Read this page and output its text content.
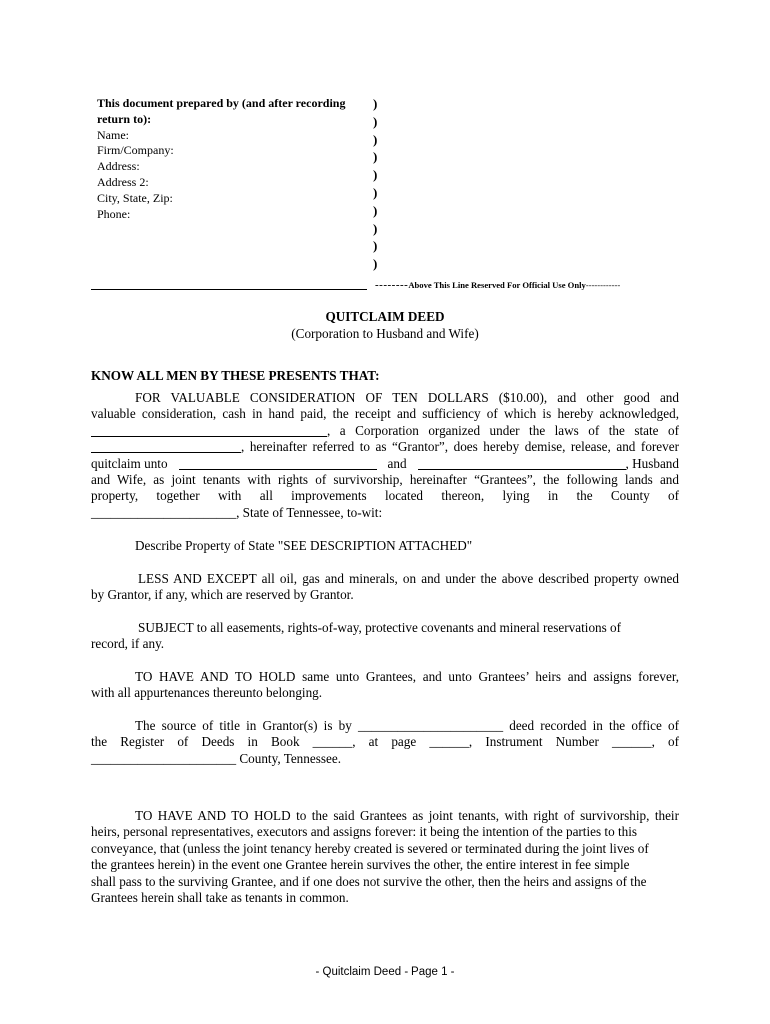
This document prepared by (and after recording
return to):
Name:
Firm/Company:
Address:
Address 2:
City, State, Zip:
Phone:
)
)
)
)
)
)
)
)
)
)
--------Above This Line Reserved For Official Use Only------------
QUITCLAIM DEED
(Corporation to Husband and Wife)
KNOW ALL MEN BY THESE PRESENTS THAT:
FOR VALUABLE CONSIDERATION OF TEN DOLLARS ($10.00), and other good and
valuable consideration, cash in hand paid, the receipt and sufficiency of which is hereby acknowledged,
, a Corporation organized under the laws of the state of
, hereinafter referred to as “Grantor”, does hereby demise, release, and forever
quitclaim unto	and	, Husband
and Wife, as joint tenants with rights of survivorship, hereinafter “Grantees”, the following lands and
property, together with all improvements located thereon, lying in the County of
______________________, State of Tennessee, to-wit:
Describe Property of State "SEE DESCRIPTION ATTACHED"
LESS AND EXCEPT all oil, gas and minerals, on and under the above described property owned
by Grantor, if any, which are reserved by Grantor.
SUBJECT to all easements, rights-of-way, protective covenants and mineral reservations of
record, if any.
TO HAVE AND TO HOLD same unto Grantees, and unto Grantees’ heirs and assigns forever,
with all appurtenances thereunto belonging.
The source of title in Grantor(s) is by ______________________ deed recorded in the office of
the Register of Deeds in Book ______, at page ______, Instrument Number ______, of
______________________ County, Tennessee.
TO HAVE AND TO HOLD to the said Grantees as joint tenants, with right of survivorship, their
heirs, personal representatives, executors and assigns forever: it being the intention of the parties to this
conveyance, that (unless the joint tenancy hereby created is severed or terminated during the joint lives of
the grantees herein) in the event one Grantee herein survives the other, the entire interest in fee simple
shall pass to the surviving Grantee, and if one does not survive the other, then the heirs and assigns of the
Grantees herein shall take as tenants in common.
- Quitclaim Deed - Page 1 -
